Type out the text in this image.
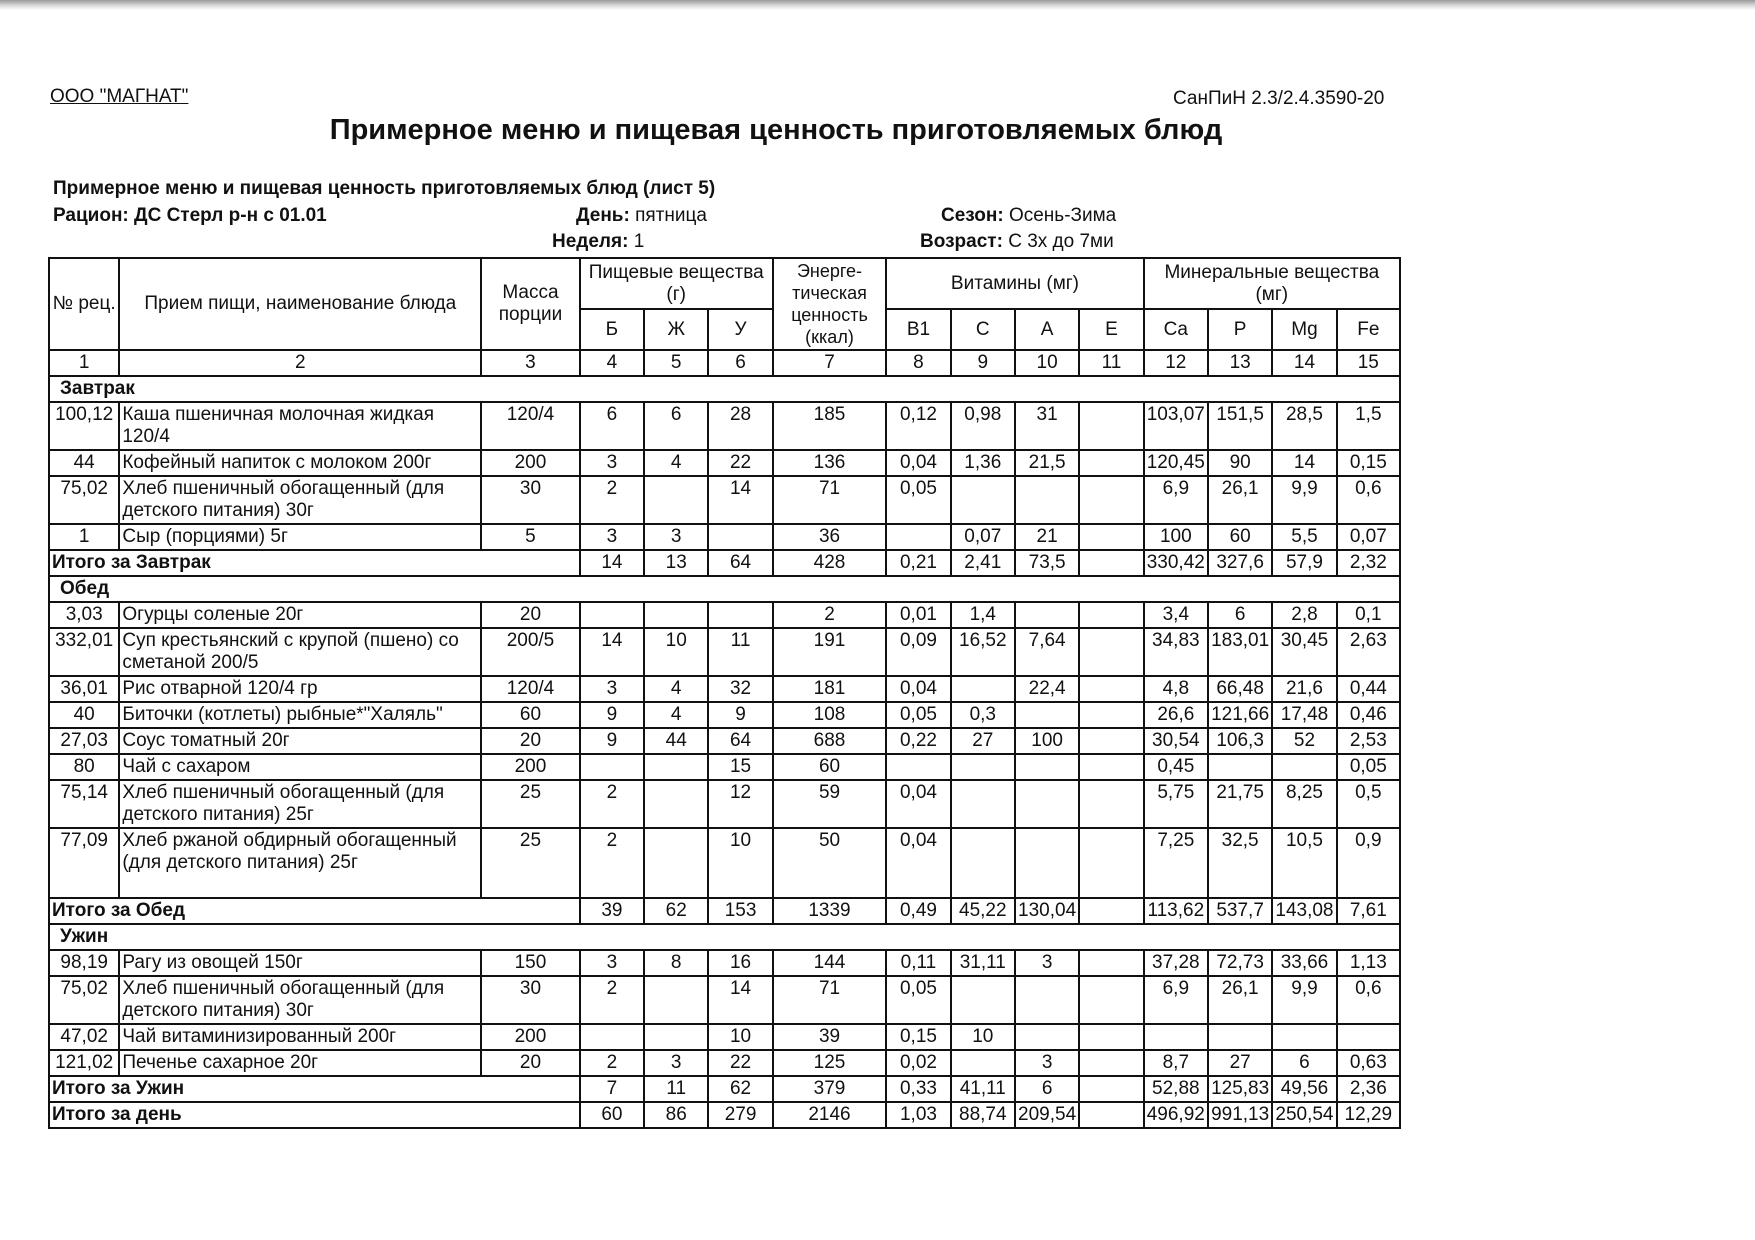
ООО "МАГНАТ"	СанПиН 2.3/2.4.3590-20
Примерное меню и пищевая ценность приготовляемых блюд
Примерное меню и пищевая ценность приготовляемых блюд (лист 5)
Рацион: ДС Стерл р-н с 01.01	День: пятница
Неделя: 1
Сезон: Осень-Зима
Возраст: С 3х до 7ми
№ рец.	Прием пищи, наименование блюда	Масса порции	Пищевые вещества (г)			Энерге-тическая ценность (ккал)	Витамины (мг)				Минеральные вещества (мг)			
			Б	Ж	У		B1	C	A	E	Ca	P	Mg	Fe
1	2	3	4	5	6	7	8	9	10	11	12	13	14	15
Завтрак														
100,12	Каша пшеничная молочная жидкая 120/4	120/4	6	6	28	185	0,12	0,98	31		103,07	151,5	28,5	1,5
44	Кофейный напиток с молоком 200г	200	3	4	22	136	0,04	1,36	21,5		120,45	90	14	0,15
75,02	Хлеб пшеничный обогащенный (для детского питания) 30г	30	2		14	71	0,05				6,9	26,1	9,9	0,6
1	Сыр (порциями) 5г	5	3	3		36		0,07	21		100	60	5,5	0,07
Итого за Завтрак			14	13	64	428	0,21	2,41	73,5		330,42	327,6	57,9	2,32
Обед														
3,03	Огурцы соленые 20г	20				2	0,01	1,4			3,4	6	2,8	0,1
332,01	Суп крестьянский с крупой (пшено) со сметаной 200/5	200/5	14	10	11	191	0,09	16,52	7,64		34,83	183,01	30,45	2,63
36,01	Рис отварной 120/4 гр	120/4	3	4	32	181	0,04		22,4		4,8	66,48	21,6	0,44
40	Биточки (котлеты) рыбные*"Халяль"	60	9	4	9	108	0,05	0,3			26,6	121,66	17,48	0,46
27,03	Соус томатный 20г	20	9	44	64	688	0,22	27	100		30,54	106,3	52	2,53
80	Чай с сахаром	200			15	60					0,45			0,05
75,14	Хлеб пшеничный обогащенный (для детского питания) 25г	25	2		12	59	0,04				5,75	21,75	8,25	0,5
77,09	Хлеб ржаной обдирный обогащенный (для детского питания) 25г	25	2		10	50	0,04				7,25	32,5	10,5	0,9
Итого за Обед			39	62	153	1339	0,49	45,22	130,04		113,62	537,7	143,08	7,61
Ужин														
98,19	Рагу из овощей 150г	150	3	8	16	144	0,11	31,11	3		37,28	72,73	33,66	1,13
75,02	Хлеб пшеничный обогащенный (для детского питания) 30г	30	2		14	71	0,05				6,9	26,1	9,9	0,6
47,02	Чай витаминизированный 200г	200			10	39	0,15	10						
121,02	Печенье сахарное 20г	20	2	3	22	125	0,02		3		8,7	27	6	0,63
Итого за Ужин			7	11	62	379	0,33	41,11	6		52,88	125,83	49,56	2,36
Итого за день			60	86	279	2146	1,03	88,74	209,54		496,92	991,13	250,54	12,29
